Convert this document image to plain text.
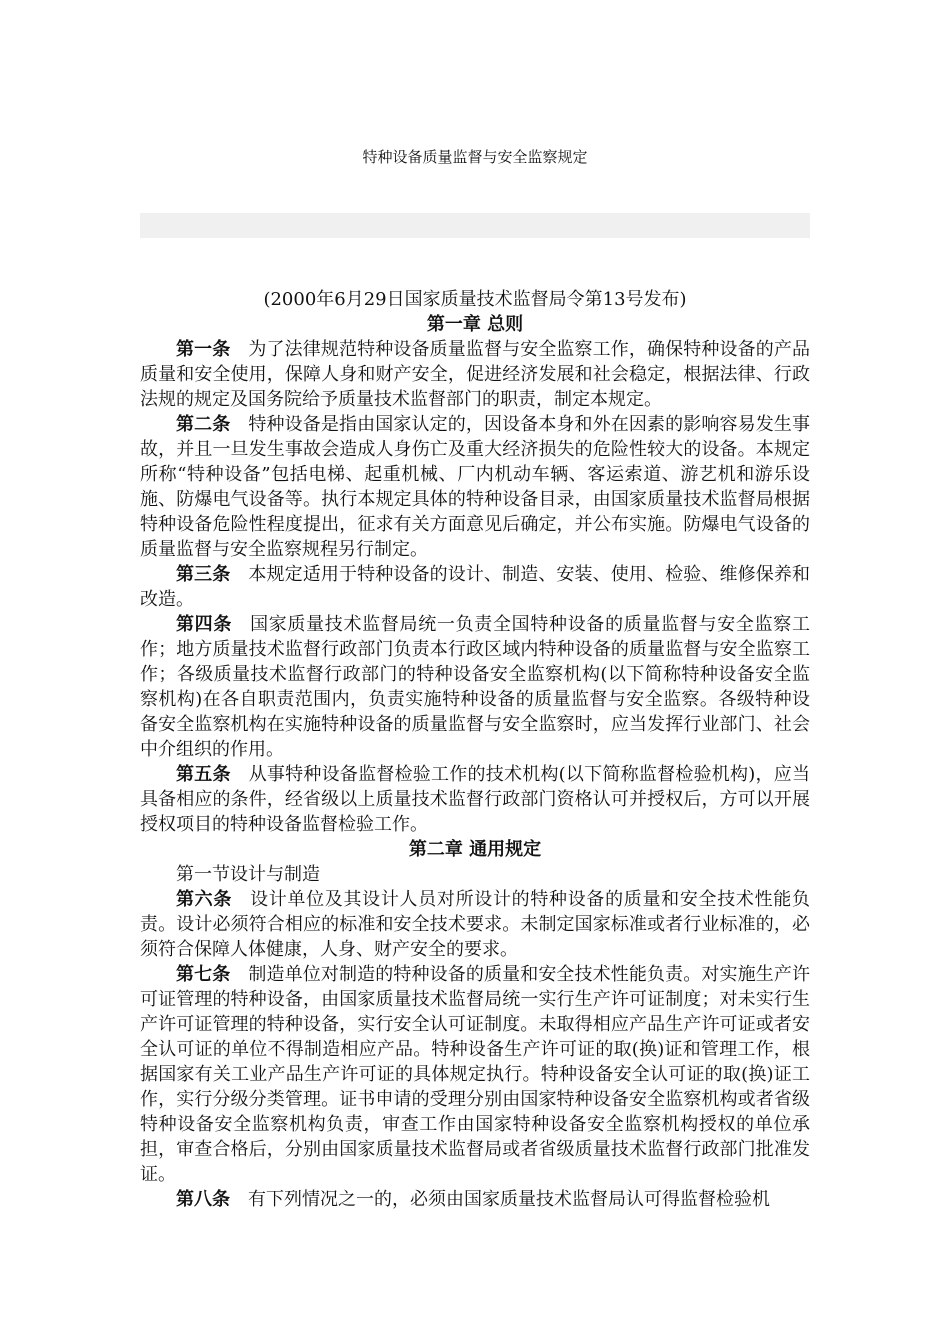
特种设备质量监督与安全监察规定

(2000年6月29日国家质量技术监督局令第13号发布)

第一章 总则

第一条 为了法律规范特种设备质量监督与安全监察工作，确保特种设备的产品质量和安全使用，保障人身和财产安全，促进经济发展和社会稳定，根据法律、行政法规的规定及国务院给予质量技术监督部门的职责，制定本规定。

第二条 特种设备是指由国家认定的，因设备本身和外在因素的影响容易发生事故，并且一旦发生事故会造成人身伤亡及重大经济损失的危险性较大的设备。本规定所称“特种设备”包括电梯、起重机械、厂内机动车辆、客运索道、游艺机和游乐设施、防爆电气设备等。执行本规定具体的特种设备目录，由国家质量技术监督局根据特种设备危险性程度提出，征求有关方面意见后确定，并公布实施。防爆电气设备的质量监督与安全监察规程另行制定。

第三条 本规定适用于特种设备的设计、制造、安装、使用、检验、维修保养和改造。

第四条 国家质量技术监督局统一负责全国特种设备的质量监督与安全监察工作；地方质量技术监督行政部门负责本行政区域内特种设备的质量监督与安全监察工作；各级质量技术监督行政部门的特种设备安全监察机构(以下简称特种设备安全监察机构)在各自职责范围内，负责实施特种设备的质量监督与安全监察。各级特种设备安全监察机构在实施特种设备的质量监督与安全监察时，应当发挥行业部门、社会中介组织的作用。

第五条 从事特种设备监督检验工作的技术机构(以下简称监督检验机构)，应当具备相应的条件，经省级以上质量技术监督行政部门资格认可并授权后，方可以开展授权项目的特种设备监督检验工作。

第二章 通用规定

第一节设计与制造

第六条 设计单位及其设计人员对所设计的特种设备的质量和安全技术性能负责。设计必须符合相应的标准和安全技术要求。未制定国家标准或者行业标准的，必须符合保障人体健康，人身、财产安全的要求。

第七条 制造单位对制造的特种设备的质量和安全技术性能负责。对实施生产许可证管理的特种设备，由国家质量技术监督局统一实行生产许可证制度；对未实行生产许可证管理的特种设备，实行安全认可证制度。未取得相应产品生产许可证或者安全认可证的单位不得制造相应产品。特种设备生产许可证的取(换)证和管理工作，根据国家有关工业产品生产许可证的具体规定执行。特种设备安全认可证的取(换)证工作，实行分级分类管理。证书申请的受理分别由国家特种设备安全监察机构或者省级特种设备安全监察机构负责，审查工作由国家特种设备安全监察机构授权的单位承担，审查合格后，分别由国家质量技术监督局或者省级质量技术监督行政部门批准发证。

第八条 有下列情况之一的，必须由国家质量技术监督局认可得监督检验机
